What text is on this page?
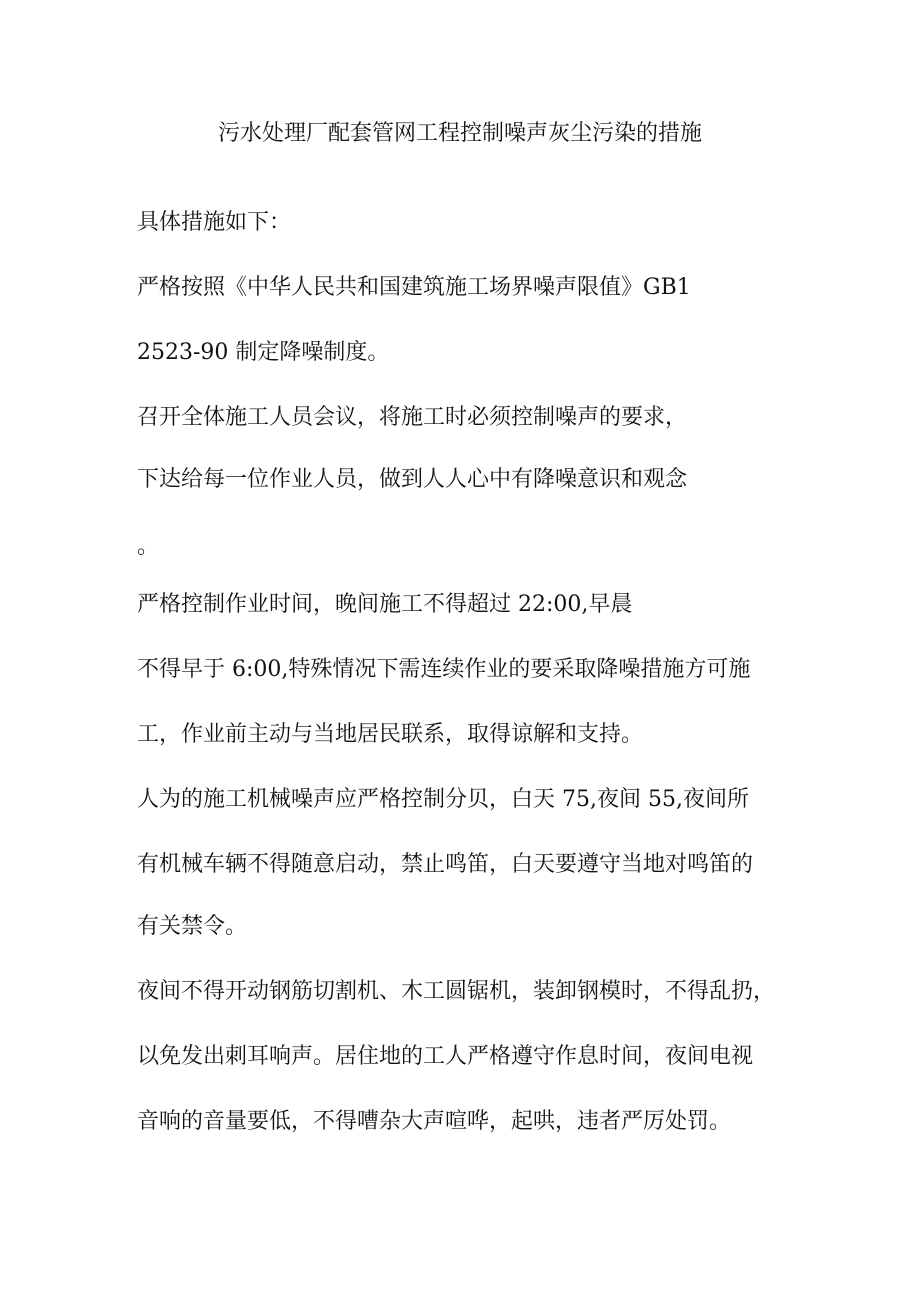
污水处理厂配套管网工程控制噪声灰尘污染的措施
具体措施如下：
严格按照《中华人民共和国建筑施工场界噪声限值》GB1
2523-90 制定降噪制度。
召开全体施工人员会议，将施工时必须控制噪声的要求，
下达给每一位作业人员，做到人人心中有降噪意识和观念
。
严格控制作业时间，晚间施工不得超过 22:00,早晨
不得早于 6:00,特殊情况下需连续作业的要采取降噪措施方可施
工，作业前主动与当地居民联系，取得谅解和支持。
人为的施工机械噪声应严格控制分贝，白天 75,夜间 55,夜间所
有机械车辆不得随意启动，禁止鸣笛，白天要遵守当地对鸣笛的
有关禁令。
夜间不得开动钢筋切割机、木工圆锯机，装卸钢模时，不得乱扔，
以免发出刺耳响声。居住地的工人严格遵守作息时间，夜间电视
音响的音量要低，不得嘈杂大声喧哗，起哄，违者严厉处罚。
